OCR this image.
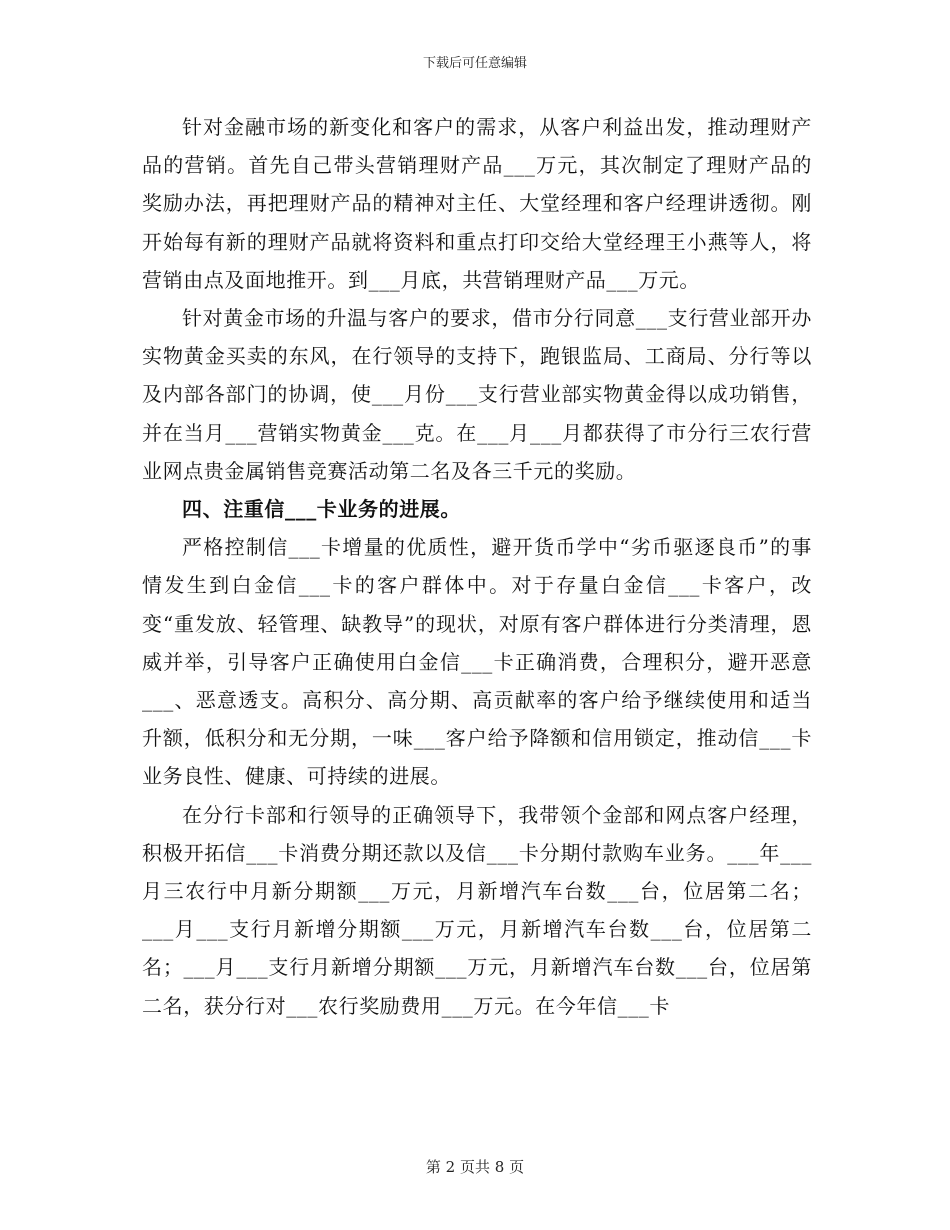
下载后可任意编辑

针对金融市场的新变化和客户的需求，从客户利益出发，推动理财产品的营销。首先自己带头营销理财产品___万元，其次制定了理财产品的奖励办法，再把理财产品的精神对主任、大堂经理和客户经理讲透彻。刚开始每有新的理财产品就将资料和重点打印交给大堂经理王小燕等人，将营销由点及面地推开。到___月底，共营销理财产品___万元。

针对黄金市场的升温与客户的要求，借市分行同意___支行营业部开办实物黄金买卖的东风，在行领导的支持下，跑银监局、工商局、分行等以及内部各部门的协调，使___月份___支行营业部实物黄金得以成功销售，并在当月___营销实物黄金___克。在___月___月都获得了市分行三农行营业网点贵金属销售竞赛活动第二名及各三千元的奖励。

四、注重信___卡业务的进展。

严格控制信___卡增量的优质性，避开货币学中“劣币驱逐良币”的事情发生到白金信___卡的客户群体中。对于存量白金信___卡客户，改变“重发放、轻管理、缺教导”的现状，对原有客户群体进行分类清理，恩威并举，引导客户正确使用白金信___卡正确消费，合理积分，避开恶意___、恶意透支。高积分、高分期、高贡献率的客户给予继续使用和适当升额，低积分和无分期，一味___客户给予降额和信用锁定，推动信___卡业务良性、健康、可持续的进展。

在分行卡部和行领导的正确领导下，我带领个金部和网点客户经理，积极开拓信___卡消费分期还款以及信___卡分期付款购车业务。___年___月三农行中月新分期额___万元，月新增汽车台数___台，位居第二名；___月___支行月新增分期额___万元，月新增汽车台数___台，位居第二名；___月___支行月新增分期额___万元，月新增汽车台数___台，位居第二名，获分行对___农行奖励费用___万元。在今年信___卡

第 2 页共 8 页
